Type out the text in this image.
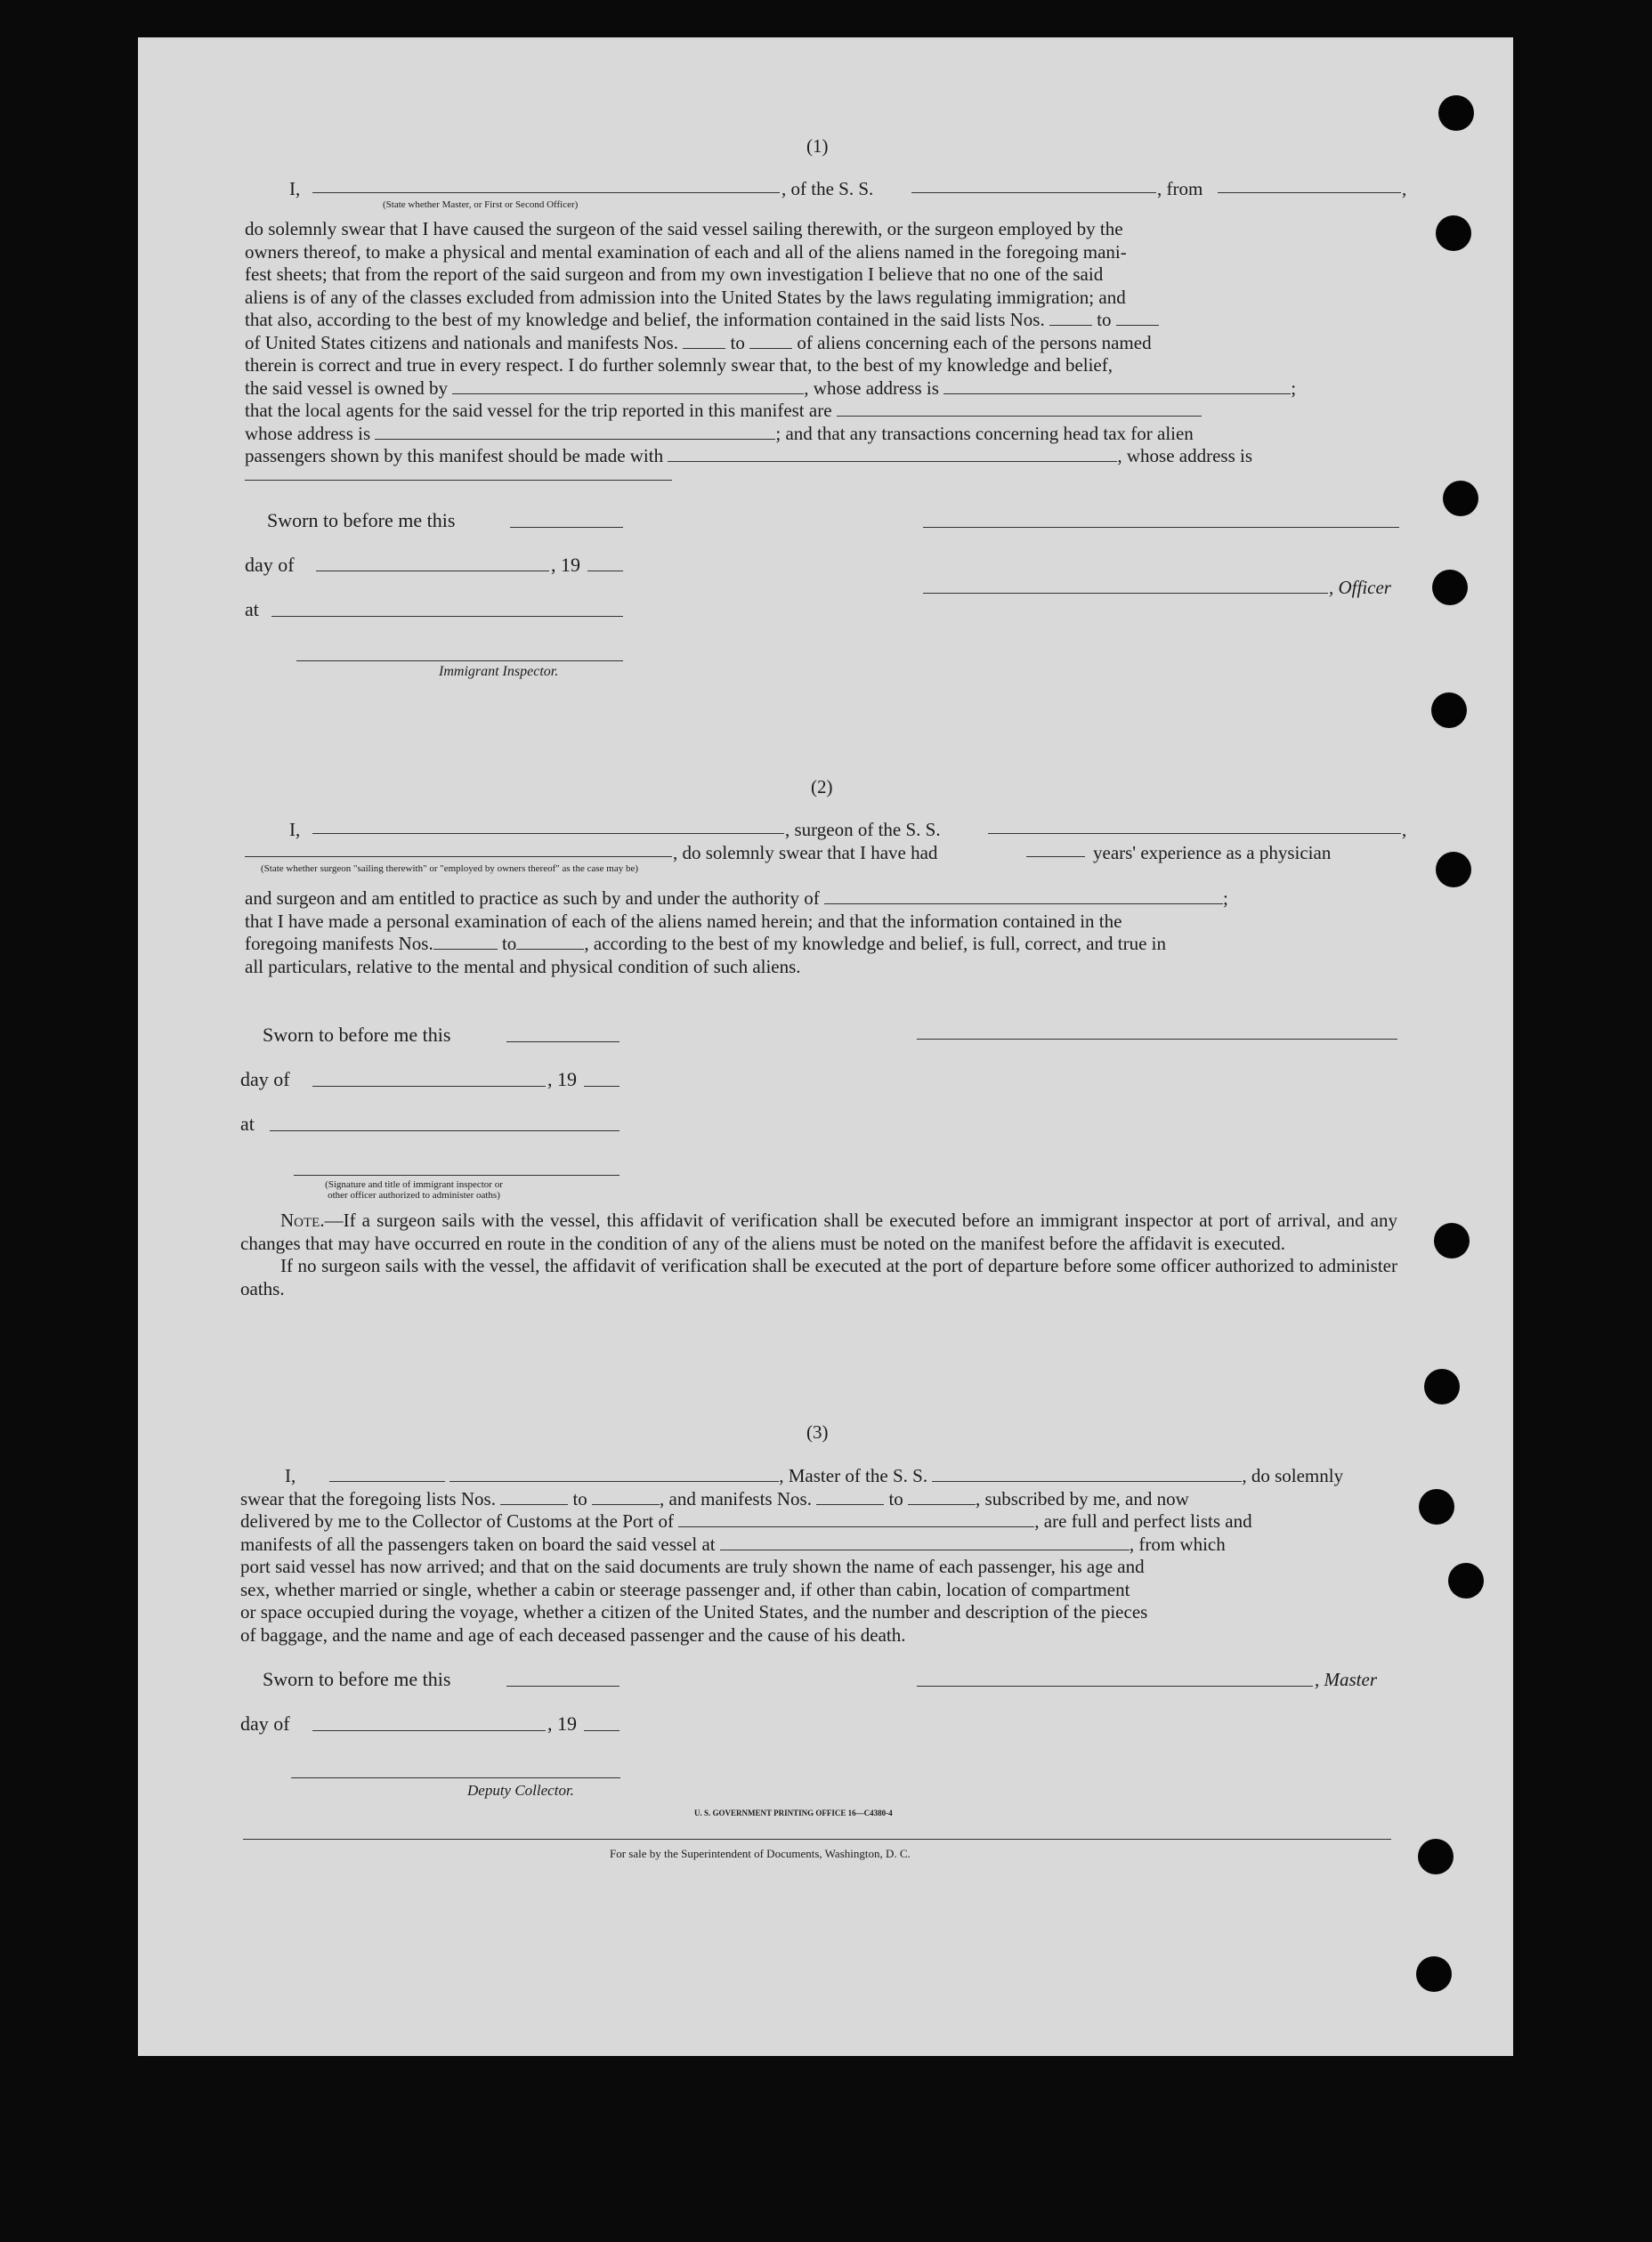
(1)
I,	, of the S. S.	, from	,
(State whether Master, or First or Second Officer)

do solemnly swear that I have caused the surgeon of the said vessel sailing therewith, or the surgeon employed by the

owners thereof, to make a physical and mental examination of each and all of the aliens named in the foregoing mani-

fest sheets; that from the report of the said surgeon and from my own investigation I believe that no one of the said

aliens is of any of the classes excluded from admission into the United States by the laws regulating immigration; and

that also, according to the best of my knowledge and belief, the information contained in the said lists Nos.	to

of United States citizens and nationals and manifests Nos.	to	of aliens concerning each of the persons named

therein is correct and true in every respect. I do further solemnly swear that, to the best of my knowledge and belief,

the said vessel is owned by	, whose address is	;

that the local agents for the said vessel for the trip reported in this manifest are

whose address is	; and that any transactions concerning head tax for alien

passengers shown by this manifest should be made with	, whose address is

Sworn to before me this
day of	, 19
, Officer
at
Immigrant Inspector.
(2)
I,	, surgeon of the S. S.	,
, do solemnly swear that I have had	years' experience as a physician
(State whether surgeon "sailing therewith" or "employed by owners thereof" as the case may be)

and surgeon and am entitled to practice as such by and under the authority of	;

that I have made a personal examination of each of the aliens named herein; and that the information contained in the

foregoing manifests Nos.	to	, according to the best of my knowledge and belief, is full, correct, and true in

all particulars, relative to the mental and physical condition of such aliens.

Sworn to before me this
day of	, 19
at
(Signature and title of immigrant inspector or
other officer authorized to administer oaths)

Note.—If a surgeon sails with the vessel, this affidavit of verification shall be executed before an immigrant inspector at port of arrival, and any changes that may have occurred en route in the condition of any of the aliens must be noted on the manifest before the affidavit is executed.

If no surgeon sails with the vessel, the affidavit of verification shall be executed at the port of departure before some officer authorized to administer oaths.

(3)

I,	, Master of the S. S.	, do solemnly

swear that the foregoing lists Nos.	to	, and manifests Nos.	to	, subscribed by me, and now

delivered by me to the Collector of Customs at the Port of	, are full and perfect lists and

manifests of all the passengers taken on board the said vessel at	, from which

port said vessel has now arrived; and that on the said documents are truly shown the name of each passenger, his age and

sex, whether married or single, whether a cabin or steerage passenger and, if other than cabin, location of compartment

or space occupied during the voyage, whether a citizen of the United States, and the number and description of the pieces

of baggage, and the name and age of each deceased passenger and the cause of his death.

Sworn to before me this	, Master
day of	, 19
Deputy Collector.
U. S. GOVERNMENT PRINTING OFFICE 16—C4380-4
For sale by the Superintendent of Documents, Washington, D. C.
